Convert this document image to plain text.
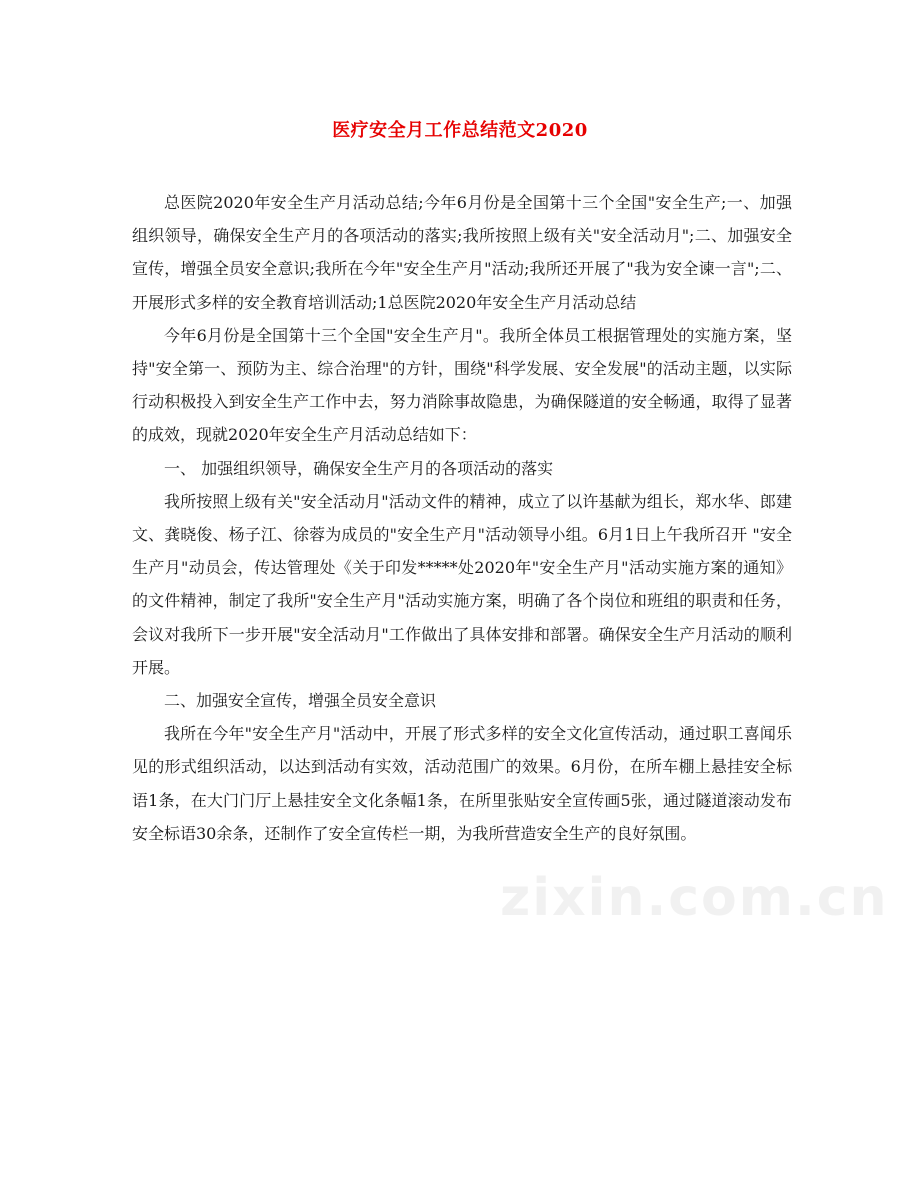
医疗安全月工作总结范文2020

总医院2020年安全生产月活动总结;今年6月份是全国第十三个全国"安全生产;一、加强组织领导，确保安全生产月的各项活动的落实;我所按照上级有关"安全活动月";二、加强安全宣传，增强全员安全意识;我所在今年"安全生产月"活动;我所还开展了"我为安全谏一言";二、开展形式多样的安全教育培训活动;1总医院2020年安全生产月活动总结

今年6月份是全国第十三个全国"安全生产月"。我所全体员工根据管理处的实施方案，坚持"安全第一、预防为主、综合治理"的方针，围绕"科学发展、安全发展"的活动主题，以实际行动积极投入到安全生产工作中去，努力消除事故隐患，为确保隧道的安全畅通，取得了显著的成效，现就2020年安全生产月活动总结如下：

一、 加强组织领导，确保安全生产月的各项活动的落实

我所按照上级有关"安全活动月"活动文件的精神，成立了以许基献为组长，郑水华、郎建文、龚晓俊、杨子江、徐蓉为成员的"安全生产月"活动领导小组。6月1日上午我所召开 "安全生产月"动员会，传达管理处《关于印发*****处2020年"安全生产月"活动实施方案的通知》的文件精神，制定了我所"安全生产月"活动实施方案，明确了各个岗位和班组的职责和任务，会议对我所下一步开展"安全活动月"工作做出了具体安排和部署。确保安全生产月活动的顺利开展。

二、加强安全宣传，增强全员安全意识

我所在今年"安全生产月"活动中，开展了形式多样的安全文化宣传活动，通过职工喜闻乐见的形式组织活动，以达到活动有实效，活动范围广的效果。6月份，在所车棚上悬挂安全标语1条，在大门门厅上悬挂安全文化条幅1条，在所里张贴安全宣传画5张，通过隧道滚动发布安全标语30余条，还制作了安全宣传栏一期，为我所营造安全生产的良好氛围。

zixin.com.cn
